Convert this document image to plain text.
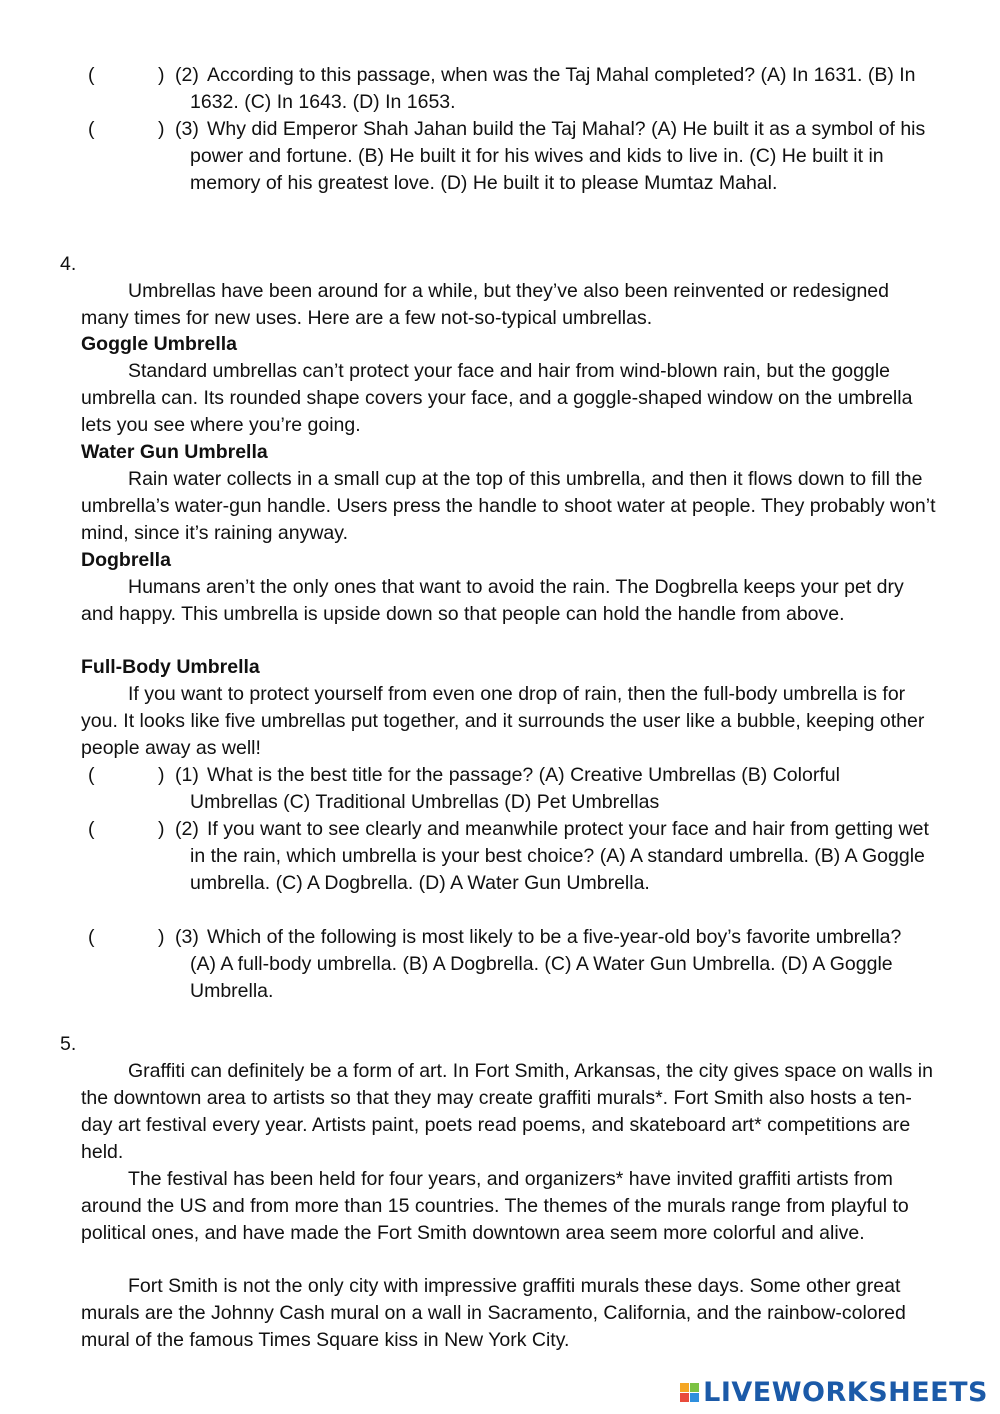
(	) (2) According to this passage, when was the Taj Mahal completed? (A) In 1631. (B) In 1632. (C) In 1643. (D) In 1653.
(	) (3) Why did Emperor Shah Jahan build the Taj Mahal? (A) He built it as a symbol of his power and fortune. (B) He built it for his wives and kids to live in. (C) He built it in memory of his greatest love. (D) He built it to please Mumtaz Mahal.
4.
Umbrellas have been around for a while, but they’ve also been reinvented or redesigned many times for new uses. Here are a few not-so-typical umbrellas.
Goggle Umbrella
Standard umbrellas can’t protect your face and hair from wind-blown rain, but the goggle umbrella can. Its rounded shape covers your face, and a goggle-shaped window on the umbrella lets you see where you’re going.
Water Gun Umbrella
Rain water collects in a small cup at the top of this umbrella, and then it flows down to fill the umbrella’s water-gun handle. Users press the handle to shoot water at people. They probably won’t mind, since it’s raining anyway.
Dogbrella
Humans aren’t the only ones that want to avoid the rain. The Dogbrella keeps your pet dry and happy. This umbrella is upside down so that people can hold the handle from above.
Full-Body Umbrella
If you want to protect yourself from even one drop of rain, then the full-body umbrella is for you. It looks like five umbrellas put together, and it surrounds the user like a bubble, keeping other people away as well!
(	) (1) What is the best title for the passage? (A) Creative Umbrellas (B) Colorful Umbrellas (C) Traditional Umbrellas (D) Pet Umbrellas
(	) (2) If you want to see clearly and meanwhile protect your face and hair from getting wet in the rain, which umbrella is your best choice? (A) A standard umbrella. (B) A Goggle umbrella. (C) A Dogbrella. (D) A Water Gun Umbrella.
(	) (3) Which of the following is most likely to be a five-year-old boy’s favorite umbrella? (A) A full-body umbrella. (B) A Dogbrella. (C) A Water Gun Umbrella. (D) A Goggle Umbrella.
5.
Graffiti can definitely be a form of art. In Fort Smith, Arkansas, the city gives space on walls in the downtown area to artists so that they may create graffiti murals*. Fort Smith also hosts a ten-day art festival every year. Artists paint, poets read poems, and skateboard art* competitions are held.
The festival has been held for four years, and organizers* have invited graffiti artists from around the US and from more than 15 countries. The themes of the murals range from playful to political ones, and have made the Fort Smith downtown area seem more colorful and alive.
Fort Smith is not the only city with impressive graffiti murals these days. Some other great murals are the Johnny Cash mural on a wall in Sacramento, California, and the rainbow-colored mural of the famous Times Square kiss in New York City.
LIVEWORKSHEETS
